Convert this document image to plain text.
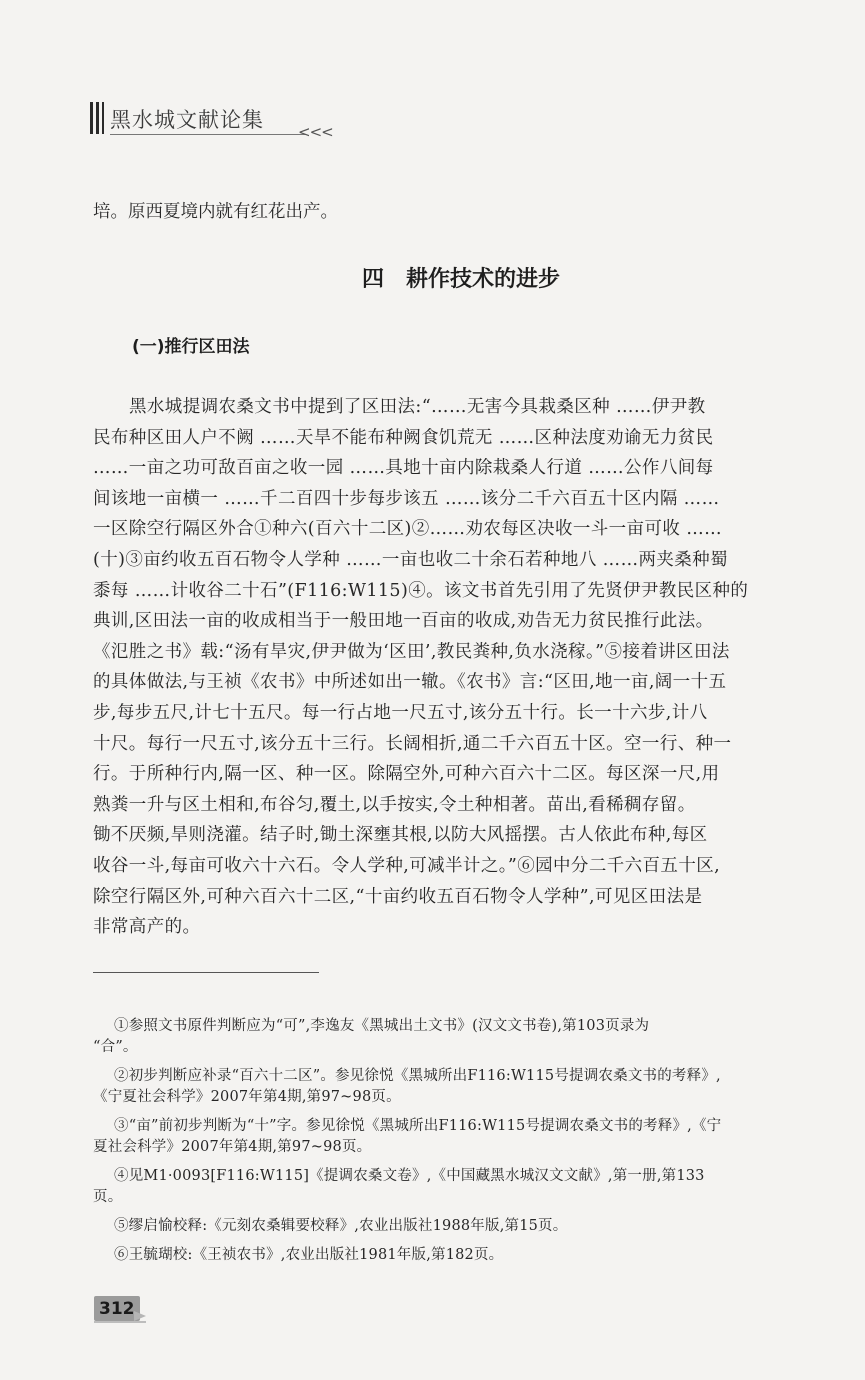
黑水城文献论集 <<<
培。原西夏境内就有红花出产。
四 耕作技术的进步
(一)推行区田法
黑水城提调农桑文书中提到了区田法:“……无害今具栽桑区种 ……伊尹教
民布种区田人户不阙 ……天旱不能布种阙食饥荒无 ……区种法度劝谕无力贫民
……一亩之功可敌百亩之收一园 ……具地十亩内除栽桑人行道 ……公作八间每
间该地一亩横一 ……千二百四十步每步该五 ……该分二千六百五十区内隔 ……
一区除空行隔区外合①种六(百六十二区)②……劝农每区决收一斗一亩可收 ……
(十)③亩约收五百石物令人学种 ……一亩也收二十余石若种地八 ……两夹桑种蜀
黍每 ……计收谷二十石”(F116:W115)④。该文书首先引用了先贤伊尹教民区种的
典训,区田法一亩的收成相当于一般田地一百亩的收成,劝告无力贫民推行此法。
《氾胜之书》载:“汤有旱灾,伊尹做为‘区田’,教民粪种,负水浇稼。”⑤接着讲区田法
的具体做法,与王祯《农书》中所述如出一辙。《农书》言:“区田,地一亩,阔一十五
步,每步五尺,计七十五尺。每一行占地一尺五寸,该分五十行。长一十六步,计八
十尺。每行一尺五寸,该分五十三行。长阔相折,通二千六百五十区。空一行、种一
行。于所种行内,隔一区、种一区。除隔空外,可种六百六十二区。每区深一尺,用
熟粪一升与区土相和,布谷匀,覆土,以手按实,令土种相著。苗出,看稀稠存留。
锄不厌频,旱则浇灌。结子时,锄土深壅其根,以防大风摇摆。古人依此布种,每区
收谷一斗,每亩可收六十六石。令人学种,可减半计之。”⑥园中分二千六百五十区,
除空行隔区外,可种六百六十二区,“十亩约收五百石物令人学种”,可见区田法是
非常高产的。
①参照文书原件判断应为“可”,李逸友《黑城出土文书》(汉文文书卷),第103页录为
“合”。
②初步判断应补录“百六十二区”。参见徐悦《黑城所出F116:W115号提调农桑文书的考释》,
《宁夏社会科学》2007年第4期,第97~98页。
③“亩”前初步判断为“十”字。参见徐悦《黑城所出F116:W115号提调农桑文书的考释》,《宁
夏社会科学》2007年第4期,第97~98页。
④见M1·0093[F116:W115]《提调农桑文卷》,《中国藏黑水城汉文文献》,第一册,第133
页。
⑤缪启愉校释:《元刻农桑辑要校释》,农业出版社1988年版,第15页。
⑥王毓瑚校:《王祯农书》,农业出版社1981年版,第182页。
312
